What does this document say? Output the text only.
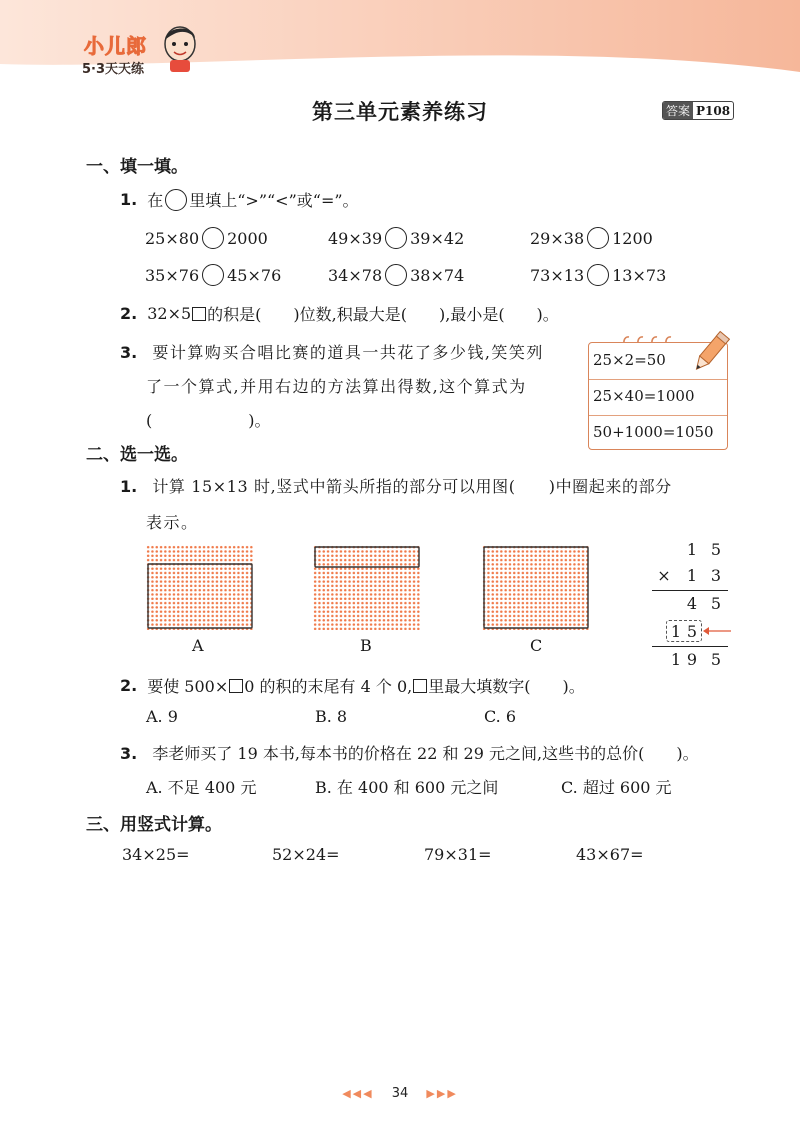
小儿郎
5·3天天练
第三单元素养练习	答案 P108
一、填一填。
1. 在 里填上“>”“<”或“=”。
25×80 2000	49×39 39×42	29×38 1200
35×76 45×76	34×78 38×74	73×13 13×73
2. 32×5 的积是(　　)位数,积最大是(　　),最小是(　　)。
3. 要计算购买合唱比赛的道具一共花了多少钱,笑笑列
了一个算式,并用右边的方法算出得数,这个算式为
(　　　　　　)。
25×2=50
25×40=1000
50+1000=1050
二、选一选。
1. 计算 15×13 时,竖式中箭头所指的部分可以用图(　　)中圈起来的部分
表示。
A	B	C
1 5
× 1 3
4 5
1 5
1 9 5
2. 要使 500× 0 的积的末尾有 4 个 0, 里最大填数字(　　)。
A. 9	B. 8	C. 6
3. 李老师买了 19 本书,每本书的价格在 22 和 29 元之间,这些书的总价(　　)。
A. 不足 400 元	B. 在 400 和 600 元之间	C. 超过 600 元
三、用竖式计算。
34×25=	52×24=	79×31=	43×67=
◀◀◀ 34 ▶▶▶
